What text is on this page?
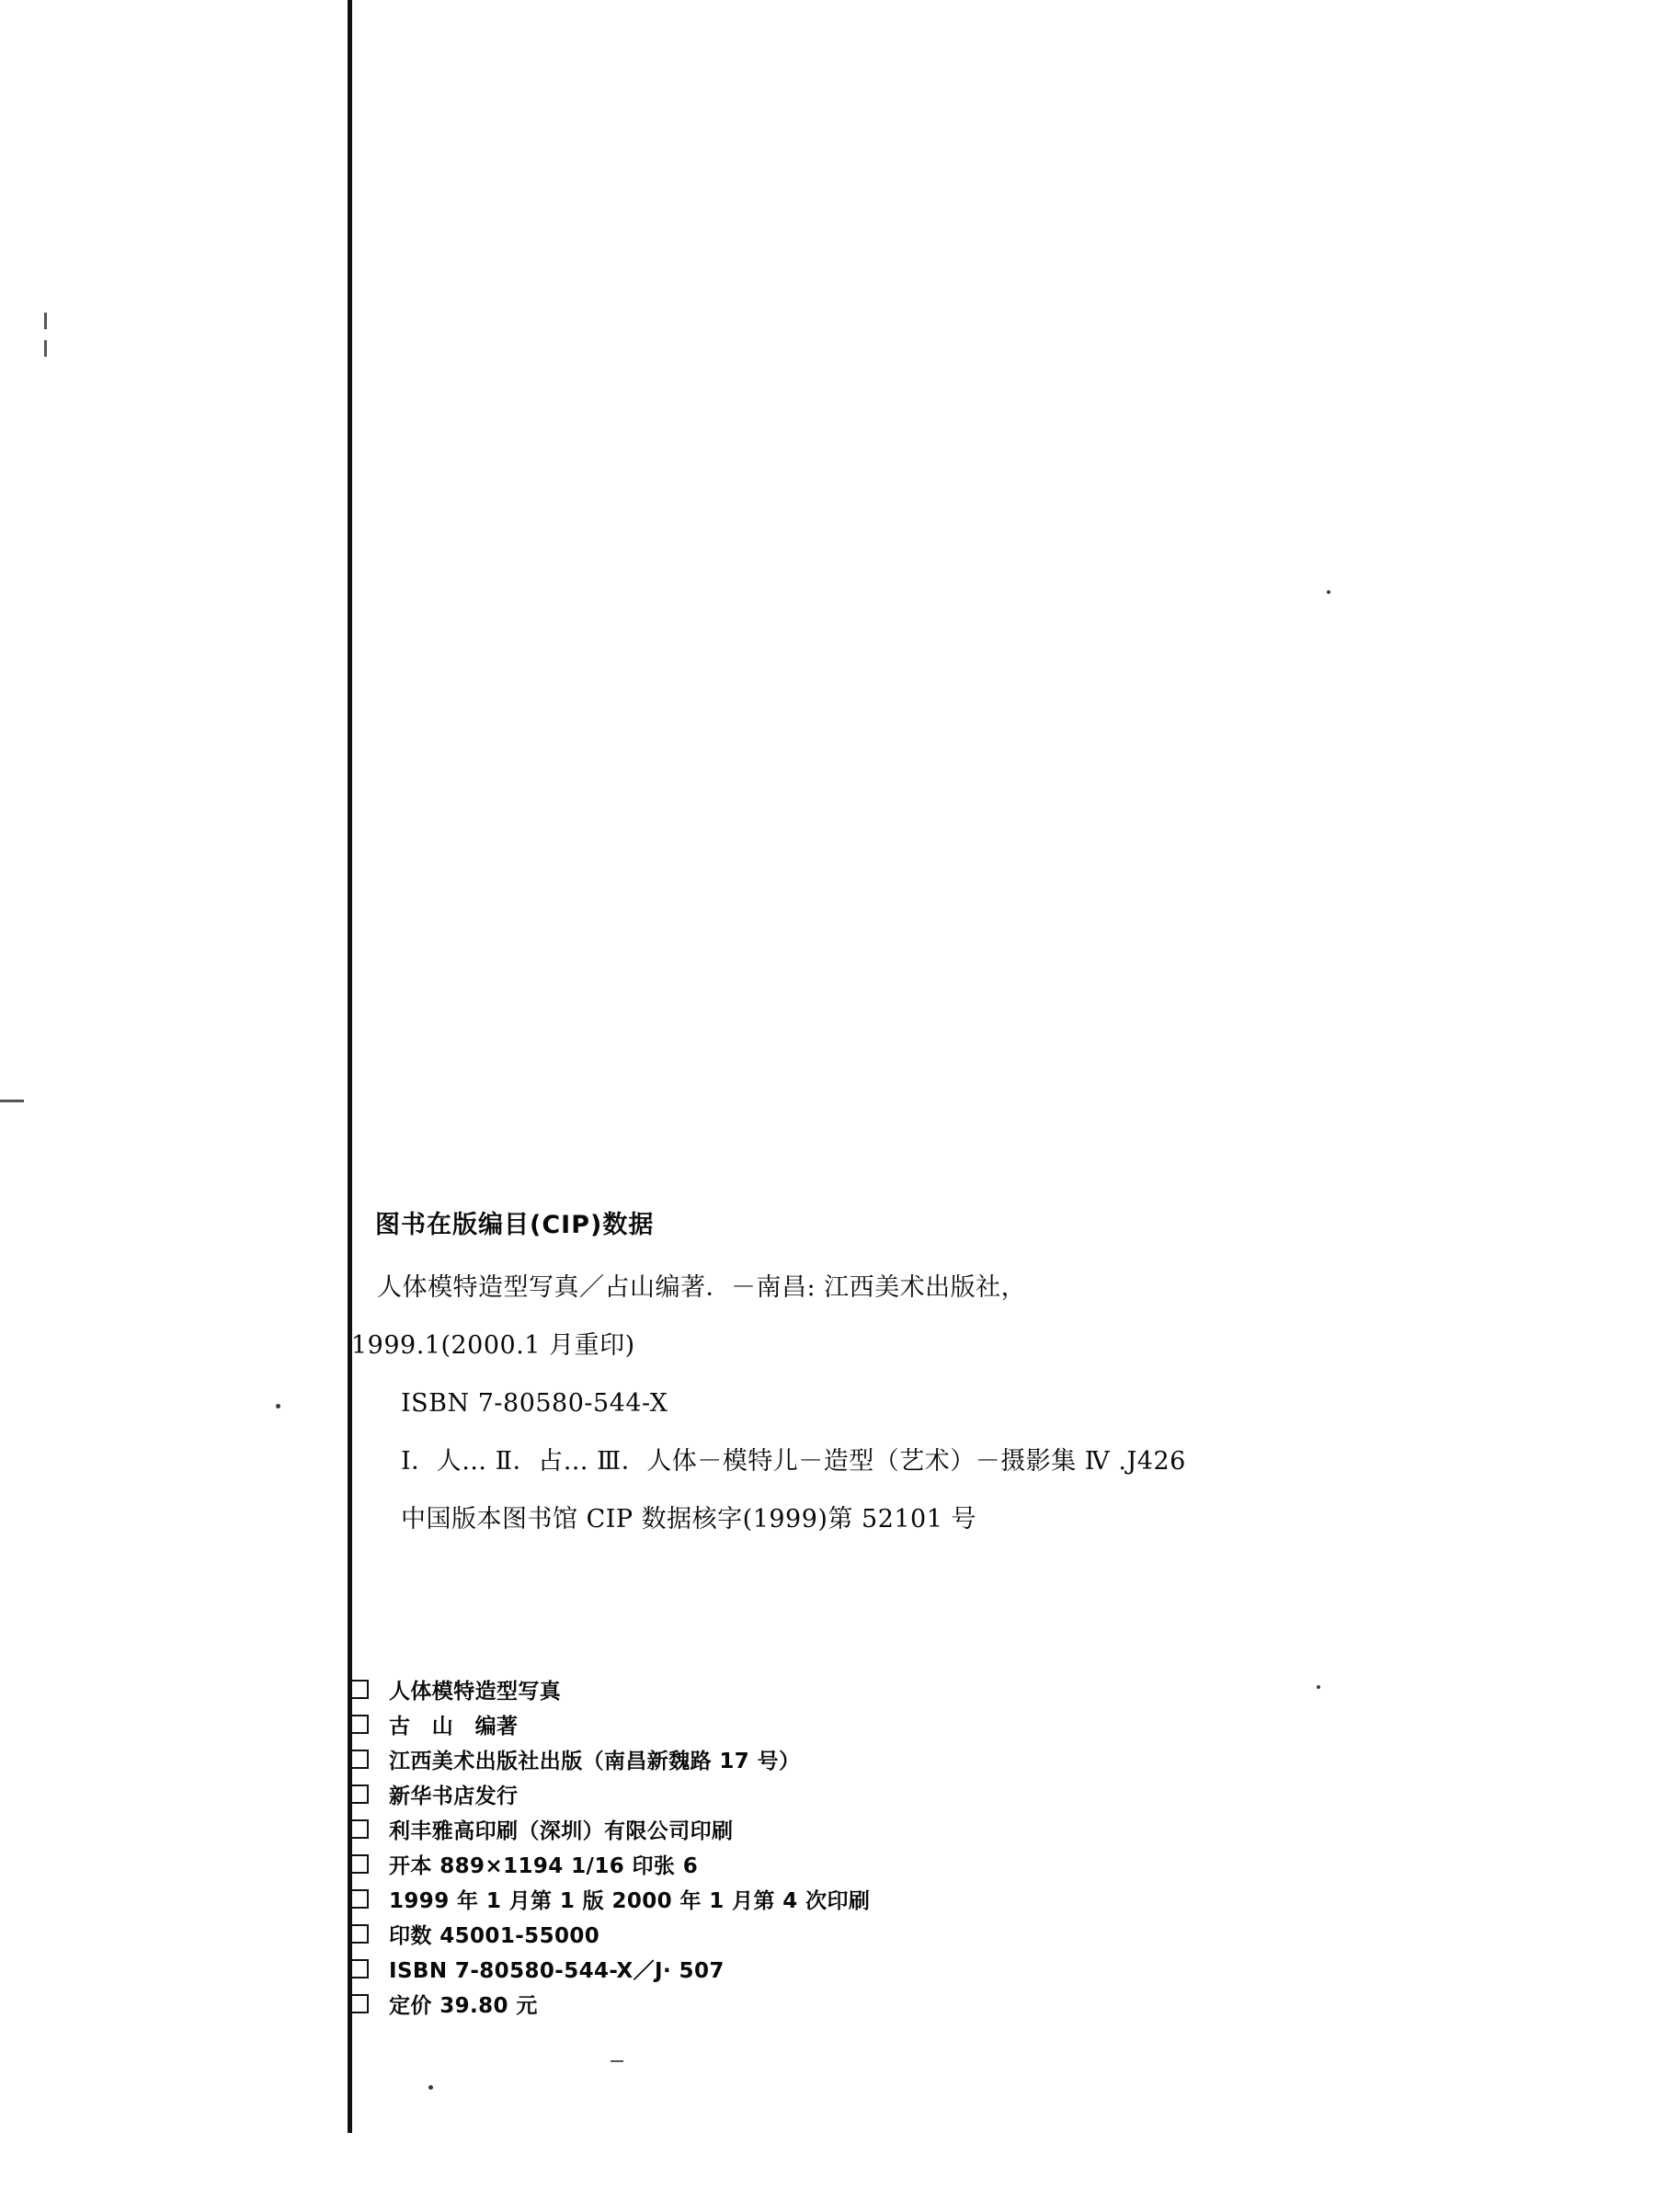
图书在版编目(CIP)数据
人体模特造型写真／占山编著．－南昌: 江西美术出版社，
1999.1(2000.1 月重印)
ISBN 7-80580-544-X
Ⅰ．人… Ⅱ．占… Ⅲ．人体－模特儿－造型（艺术）－摄影集 Ⅳ .J426
中国版本图书馆 CIP 数据核字(1999)第 52101 号
人体模特造型写真
古　山　编著
江西美术出版社出版（南昌新魏路 17 号）
新华书店发行
利丰雅高印刷（深圳）有限公司印刷
开本 889×1194 1/16 印张 6
1999 年 1 月第 1 版 2000 年 1 月第 4 次印刷
印数 45001-55000
ISBN 7-80580-544-X／J· 507
定价 39.80 元
